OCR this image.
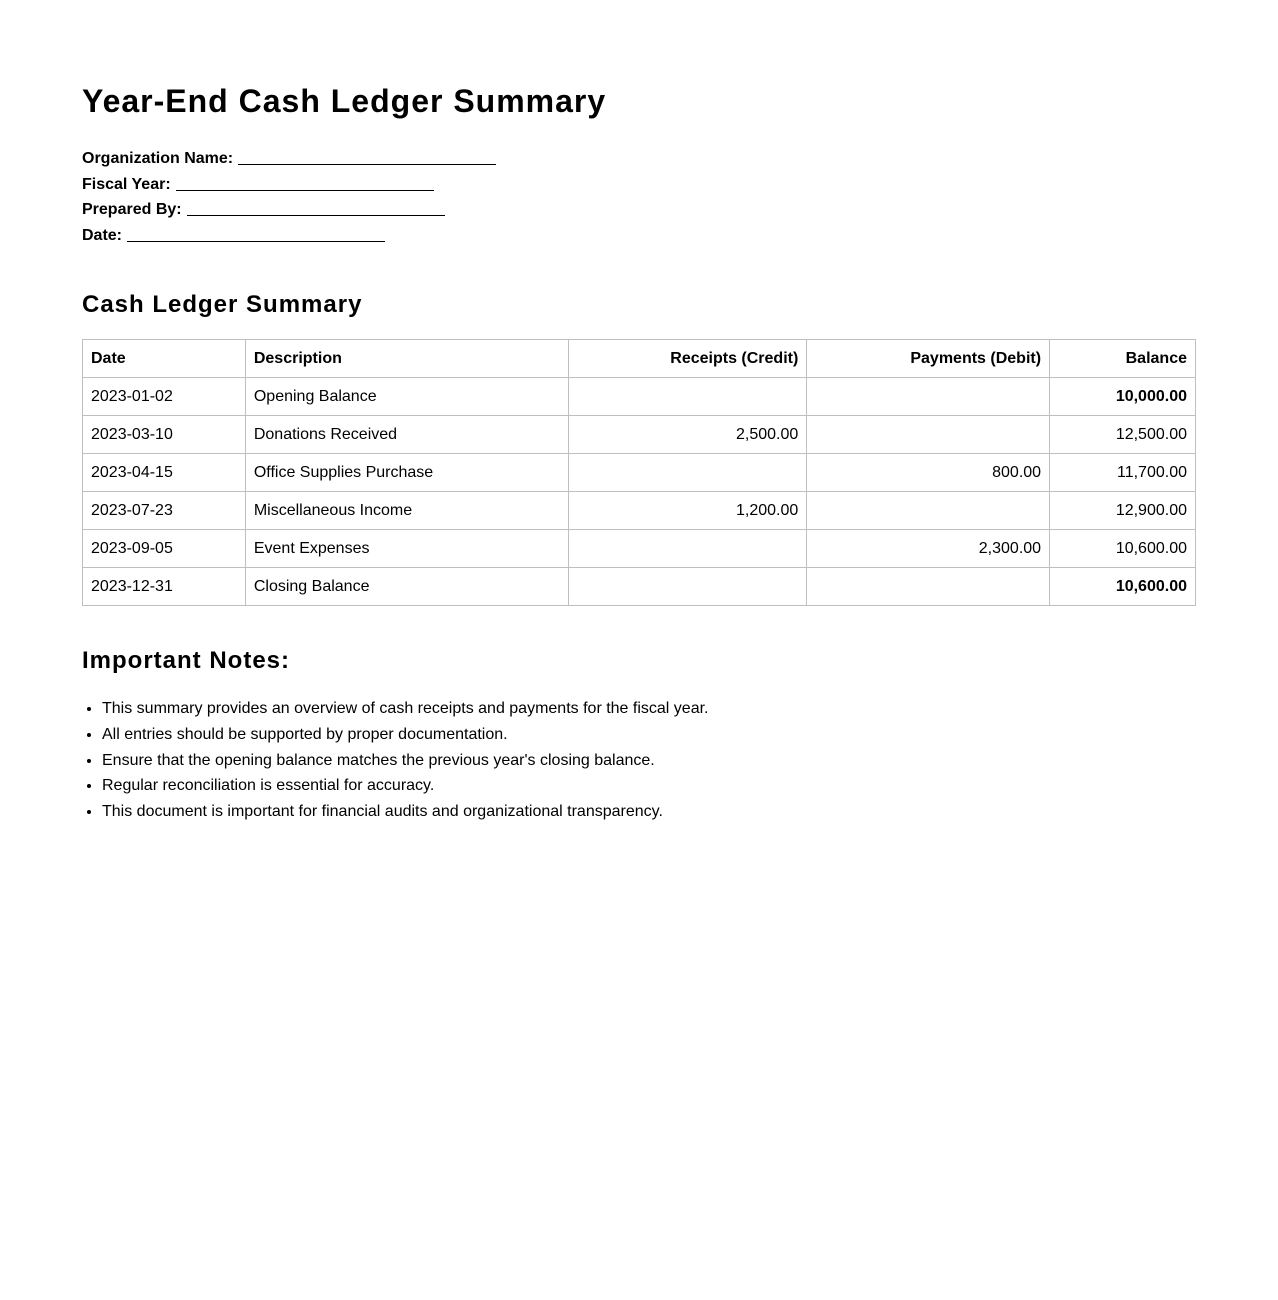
Year-End Cash Ledger Summary
Organization Name:
Fiscal Year:
Prepared By:
Date:
Cash Ledger Summary
Date	Description	Receipts (Credit)	Payments (Debit)	Balance
2023-01-02	Opening Balance			10,000.00
2023-03-10	Donations Received	2,500.00		12,500.00
2023-04-15	Office Supplies Purchase		800.00	11,700.00
2023-07-23	Miscellaneous Income	1,200.00		12,900.00
2023-09-05	Event Expenses		2,300.00	10,600.00
2023-12-31	Closing Balance			10,600.00
Important Notes:
• This summary provides an overview of cash receipts and payments for the fiscal year.
• All entries should be supported by proper documentation.
• Ensure that the opening balance matches the previous year's closing balance.
• Regular reconciliation is essential for accuracy.
• This document is important for financial audits and organizational transparency.
